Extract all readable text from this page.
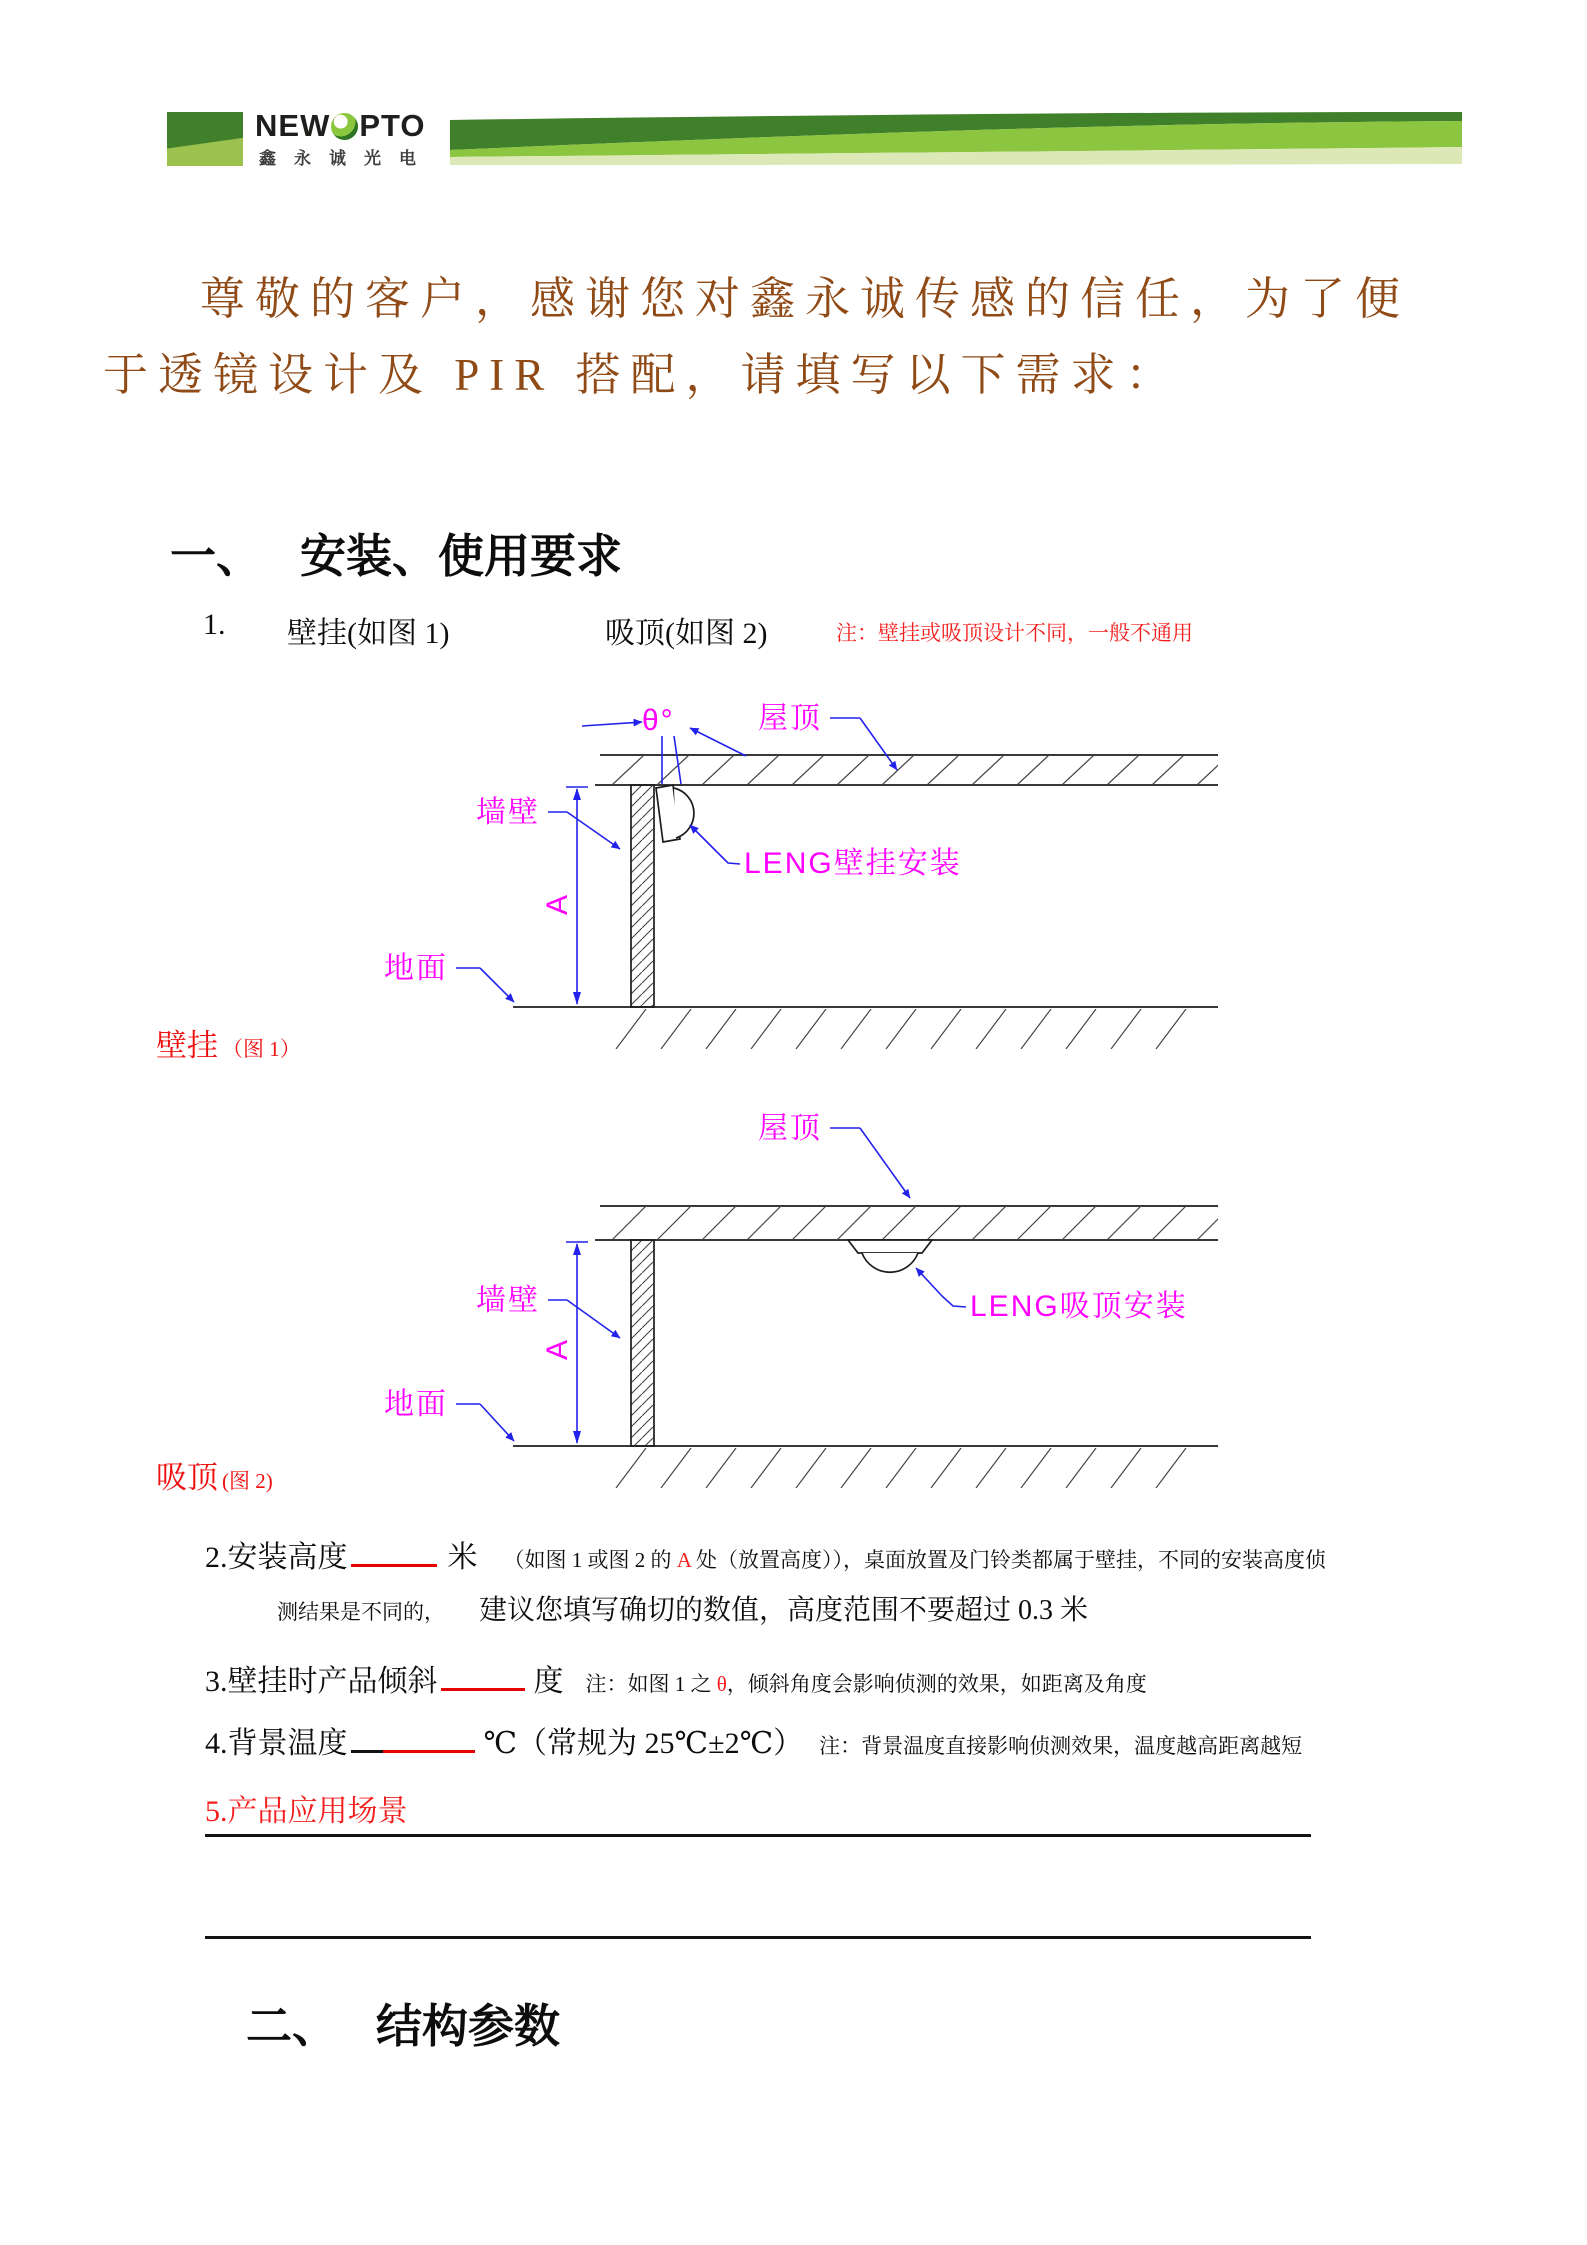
NEW PTO
鑫永诚光电
尊敬的客户，感谢您对鑫永诚传感的信任，为了便
于透镜设计及 PIR 搭配，请填写以下需求：
一、 安装、使用要求
1. 壁挂(如图 1)	吸顶(如图 2)	注：壁挂或吸顶设计不同，一般不通用
θ°	屋顶
墙壁
LENG壁挂安装
A
地面
壁挂 （图 1）
屋顶
墙壁	LENG吸顶安装
A
地面
吸顶 (图 2)
2.安装高度	米 （如图 1 或图 2 的 A 处（放置高度）），桌面放置及门铃类都属于壁挂，不同的安装高度侦
测结果是不同的， 建议您填写确切的数值，高度范围不要超过 0.3 米
3.壁挂时产品倾斜	度 注：如图 1 之 θ，倾斜角度会影响侦测的效果，如距离及角度
4.背景温度	℃（常规为 25℃±2℃） 注：背景温度直接影响侦测效果，温度越高距离越短
5.产品应用场景
二、 结构参数
